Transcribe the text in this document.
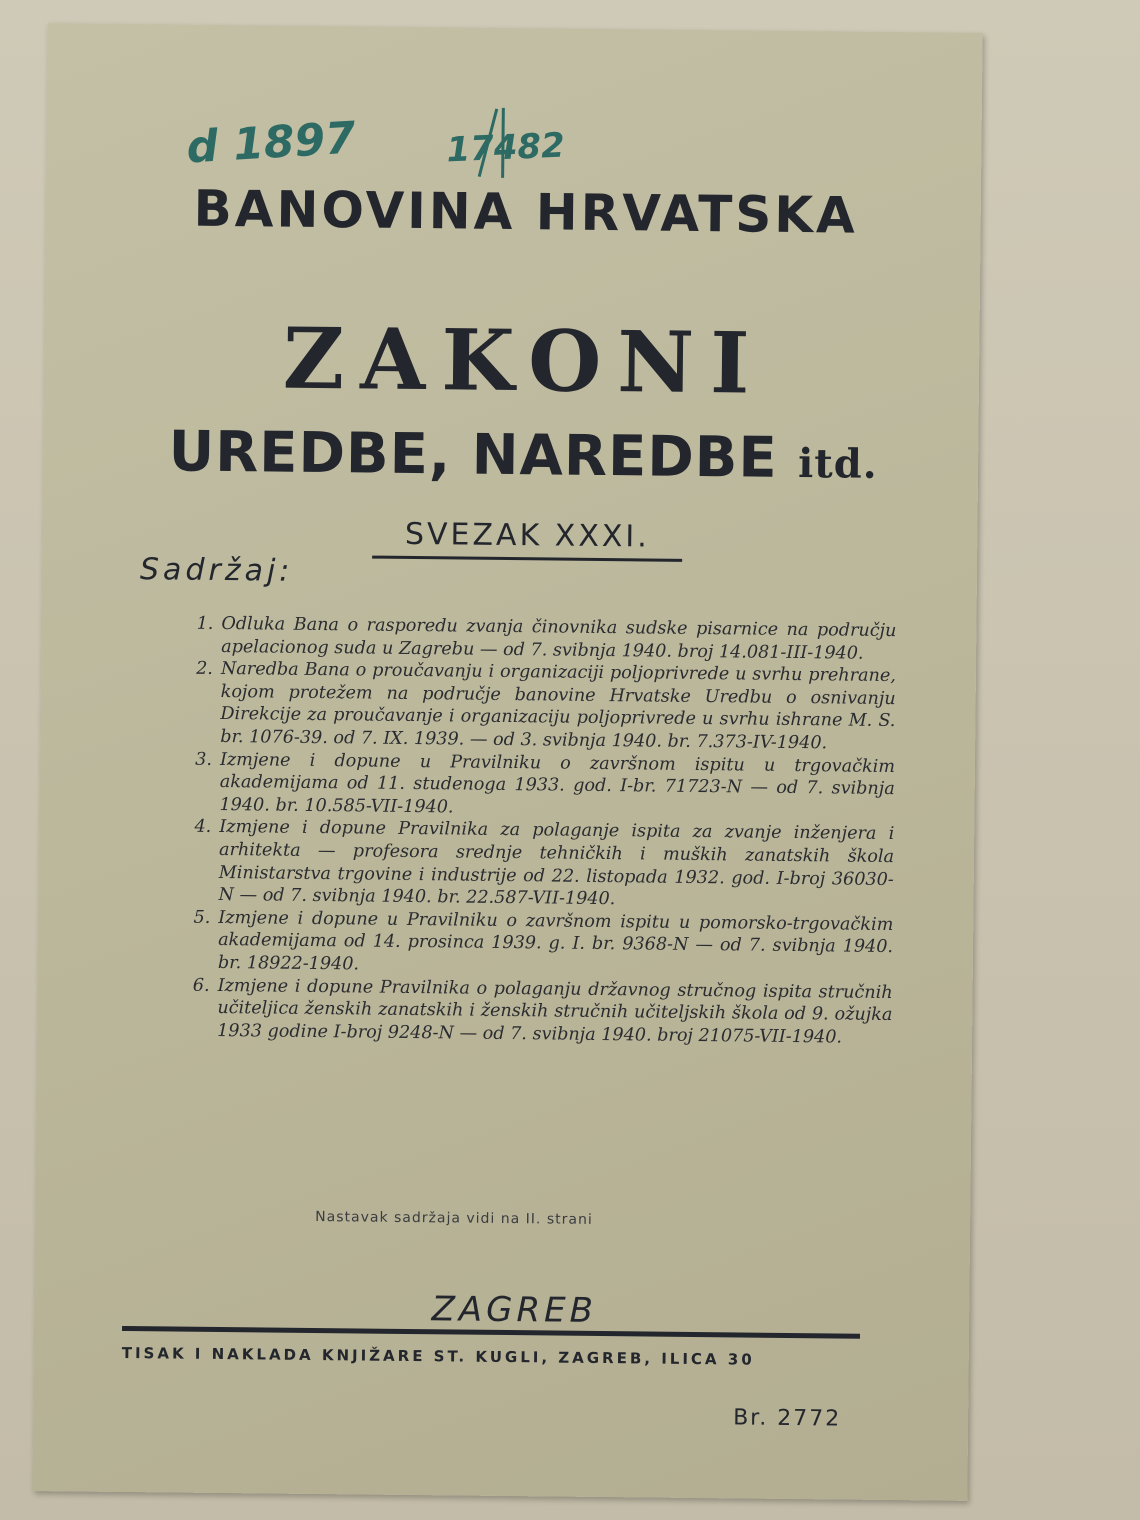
d 1897	17482
BANOVINA HRVATSKA
ZAKONI
UREDBE, NAREDBE itd.
SVEZAK XXXI.
Sadržaj:
1. Odluka Bana o rasporedu zvanja činovnika sudske pisarnice na području apelacionog suda u Zagrebu — od 7. svibnja 1940. broj 14.081-III-1940.
2. Naredba Bana o proučavanju i organizaciji poljoprivrede u svrhu prehrane, kojom protežem na područje banovine Hrvatske Uredbu o osnivanju Direkcije za proučavanje i organizaciju poljoprivrede u svrhu ishrane M. S. br. 1076-39. od 7. IX. 1939. — od 3. svibnja 1940. br. 7.373-IV-1940.
3. Izmjene i dopune u Pravilniku o završnom ispitu u trgovačkim akademijama od 11. studenoga 1933. god. I-br. 71723-N — od 7. svibnja 1940. br. 10.585-VII-1940.
4. Izmjene i dopune Pravilnika za polaganje ispita za zvanje inženjera i arhitekta — profesora srednje tehničkih i muških zanatskih škola Ministarstva trgovine i industrije od 22. listopada 1932. god. I-broj 36030-N — od 7. svibnja 1940. br. 22.587-VII-1940.
5. Izmjene i dopune u Pravilniku o završnom ispitu u pomorsko-trgovačkim akademijama od 14. prosinca 1939. g. I. br. 9368-N — od 7. svibnja 1940. br. 18922-1940.
6. Izmjene i dopune Pravilnika o polaganju državnog stručnog ispita stručnih učiteljica ženskih zanatskih i ženskih stručnih učiteljskih škola od 9. ožujka 1933 godine I-broj 9248-N — od 7. svibnja 1940. broj 21075-VII-1940.
Nastavak sadržaja vidi na II. strani
ZAGREB
TISAK I NAKLADA KNJIŽARE ST. KUGLI, ZAGREB, ILICA 30
Br. 2772
